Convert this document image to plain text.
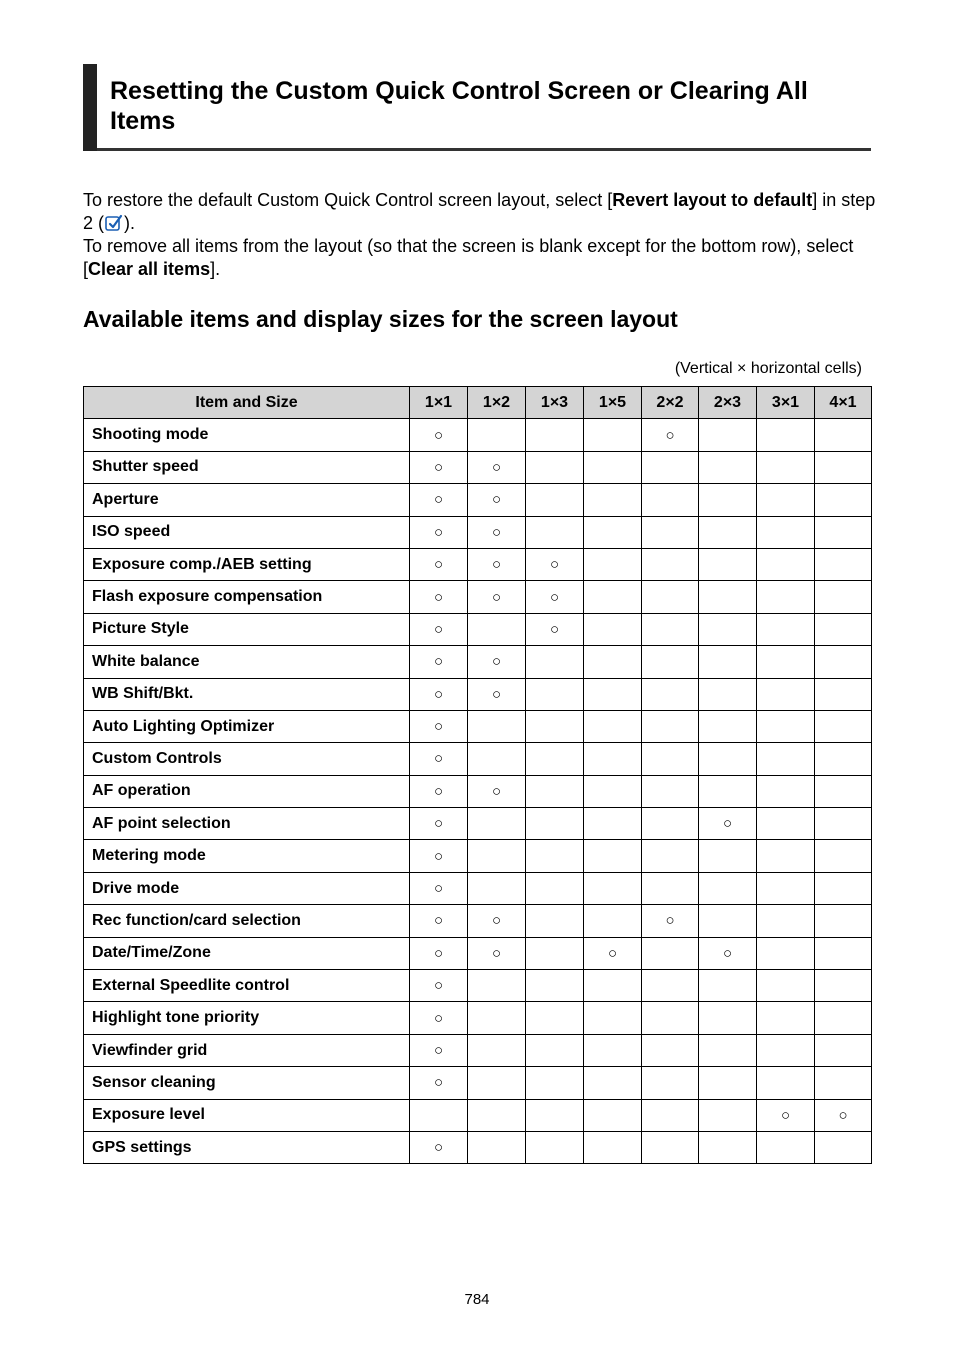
Resetting the Custom Quick Control Screen or Clearing All Items
To restore the default Custom Quick Control screen layout, select [Revert layout to default] in step 2 ( ).
To remove all items from the layout (so that the screen is blank except for the bottom row), select [Clear all items].
Available items and display sizes for the screen layout
(Vertical × horizontal cells)
Item and Size	1×1	1×2	1×3	1×5	2×2	2×3	3×1	4×1
Shooting mode	○				○			
Shutter speed	○	○						
Aperture	○	○						
ISO speed	○	○						
Exposure comp./AEB setting	○	○	○					
Flash exposure compensation	○	○	○					
Picture Style	○		○					
White balance	○	○						
WB Shift/Bkt.	○	○						
Auto Lighting Optimizer	○							
Custom Controls	○							
AF operation	○	○						
AF point selection	○					○		
Metering mode	○							
Drive mode	○							
Rec function/card selection	○	○			○			
Date/Time/Zone	○	○		○		○		
External Speedlite control	○							
Highlight tone priority	○							
Viewfinder grid	○							
Sensor cleaning	○							
Exposure level							○	○
GPS settings	○							
784
